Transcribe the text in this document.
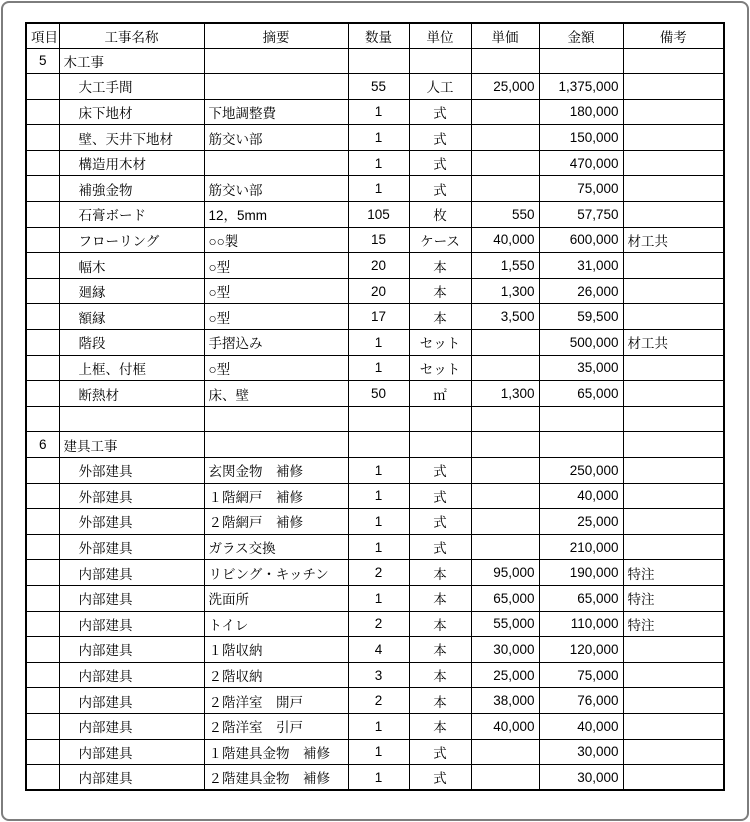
項目	工事名称	摘要	数量	単位	単価	金額	備考
5	木工事						
	大工手間		55	人工	25,000	1,375,000	
	床下地材	下地調整費	1	式		180,000	
	壁、天井下地材	筋交い部	1	式		150,000	
	構造用木材		1	式		470,000	
	補強金物	筋交い部	1	式		75,000	
	石膏ボード	12，5mm	105	枚	550	57,750	
	フローリング	○○製	15	ケース	40,000	600,000	材工共
	幅木	○型	20	本	1,550	31,000	
	廻縁	○型	20	本	1,300	26,000	
	額縁	○型	17	本	3,500	59,500	
	階段	手摺込み	1	セット		500,000	材工共
	上框、付框	○型	1	セット		35,000	
	断熱材	床、壁	50	㎡	1,300	65,000	

6	建具工事						
	外部建具	玄関金物　補修	1	式		250,000	
	外部建具	１階網戸　補修	1	式		40,000	
	外部建具	２階網戸　補修	1	式		25,000	
	外部建具	ガラス交換	1	式		210,000	
	内部建具	リビング・キッチン	2	本	95,000	190,000	特注
	内部建具	洗面所	1	本	65,000	65,000	特注
	内部建具	トイレ	2	本	55,000	110,000	特注
	内部建具	１階収納	4	本	30,000	120,000	
	内部建具	２階収納	3	本	25,000	75,000	
	内部建具	２階洋室　開戸	2	本	38,000	76,000	
	内部建具	２階洋室　引戸	1	本	40,000	40,000	
	内部建具	１階建具金物　補修	1	式		30,000	
	内部建具	２階建具金物　補修	1	式		30,000	
